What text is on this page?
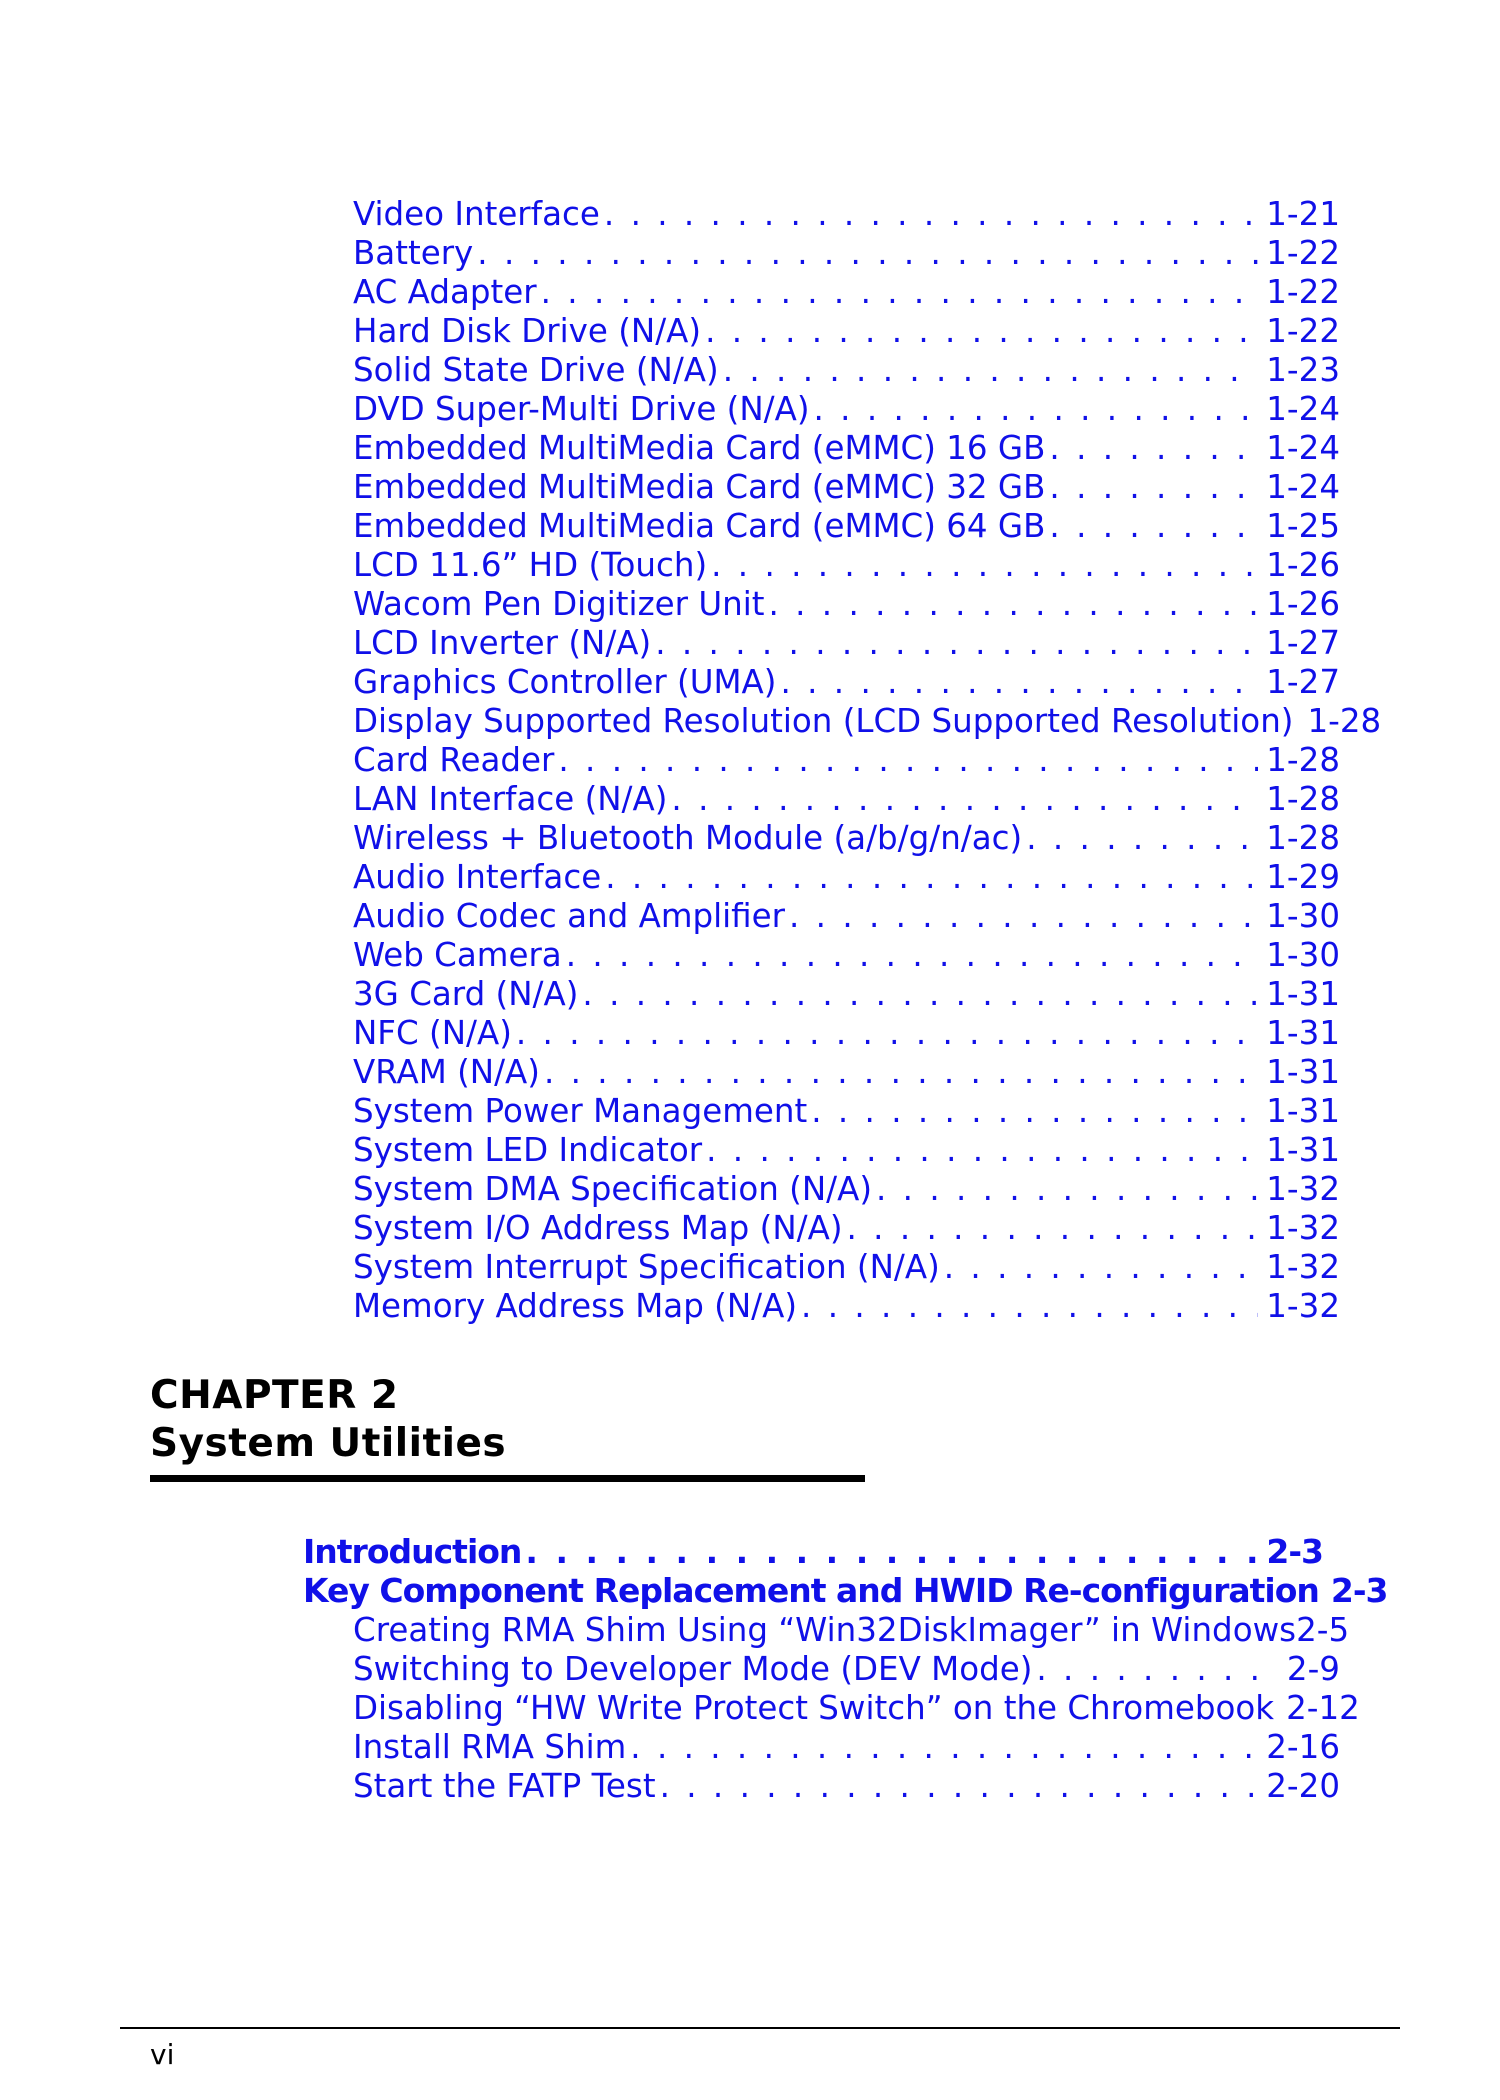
Video Interface . . .	1-21
Battery . . .	1-22
AC Adapter . . .	1-22
Hard Disk Drive (N/A) . . .	1-22
Solid State Drive (N/A) . . .	1-23
DVD Super-Multi Drive (N/A) . . .	1-24
Embedded MultiMedia Card (eMMC) 16 GB . . .	1-24
Embedded MultiMedia Card (eMMC) 32 GB . . .	1-24
Embedded MultiMedia Card (eMMC) 64 GB . . .	1-25
LCD 11.6” HD (Touch) . . .	1-26
Wacom Pen Digitizer Unit . . .	1-26
LCD Inverter (N/A) . . .	1-27
Graphics Controller (UMA) . . .	1-27
Display Supported Resolution (LCD Supported Resolution) 1-28
Card Reader . . .	1-28
LAN Interface (N/A) . . .	1-28
Wireless + Bluetooth Module (a/b/g/n/ac) . . .	1-28
Audio Interface . . .	1-29
Audio Codec and Amplifier . . .	1-30
Web Camera . . .	1-30
3G Card (N/A) . . .	1-31
NFC (N/A) . . .	1-31
VRAM (N/A) . . .	1-31
System Power Management . . .	1-31
System LED Indicator . . .	1-31
System DMA Specification (N/A) . . .	1-32
System I/O Address Map (N/A) . . .	1-32
System Interrupt Specification (N/A) . . .	1-32
Memory Address Map (N/A) . . .	1-32
CHAPTER 2
System Utilities
Introduction . . .	2-3
Key Component Replacement and HWID Re-configuration 2-3
Creating RMA Shim Using “Win32DiskImager” in Windows 2-5
Switching to Developer Mode (DEV Mode) . . .	2-9
Disabling “HW Write Protect Switch” on the Chromebook 2-12
Install RMA Shim . . .	2-16
Start the FATP Test . . .	2-20
vi
